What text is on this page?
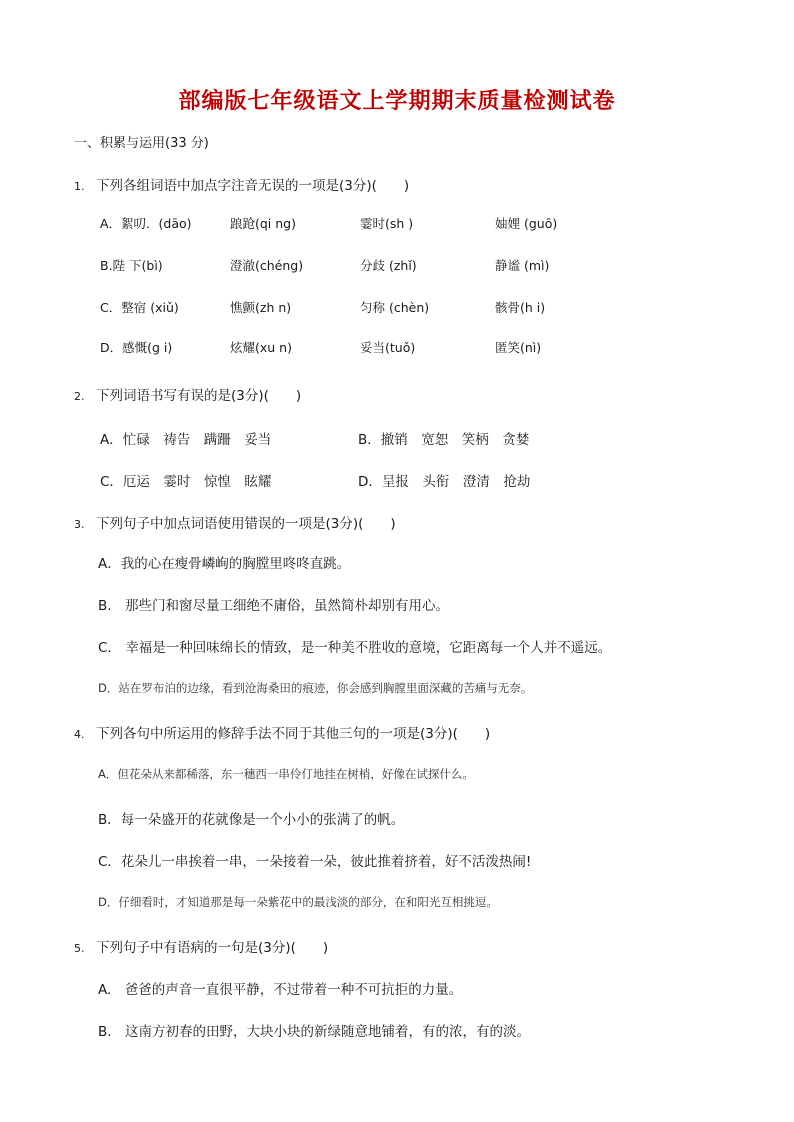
部编版七年级语文上学期期末质量检测试卷
一、积累与运用(33 分)
1. 下列各组词语中加点字注音无误的一项是(3分)(　　)
A．絮叨．(dāo)	踉跄(qi ng)	霎时(sh )	妯娌 (guō)
B.陛 下(bì)	澄澈(chéng)	分歧 (zhǐ)	静谧 (mì)
C．整宿 (xiǔ)	憔颤(zh n)	匀称 (chèn)	骸骨(h i)
D．感慨(g i)	炫耀(xu n)	妥当(tuǒ)	匿笑(nì)
2. 下列词语书写有误的是(3分)(　　)
A．忙碌　祷告　蹒跚　妥当	B．撤销　宽恕　笑柄　贪婪
C．厄运　霎时　惊惶　眩耀	D．呈报　头衔　澄清　抢劫
3. 下列句子中加点词语使用错误的一项是(3分)(　　)
A．我的心在瘦骨嶙峋的胸膛里咚咚直跳。
B.　那些门和窗尽量工细绝不庸俗，虽然简朴却别有用心。
C.　幸福是一种回味绵长的情致，是一种美不胜收的意境，它距离每一个人并不遥远。
D．站在罗布泊的边缘，看到沧海桑田的痕迹，你会感到胸膛里面深藏的苦痛与无奈。
4. 下列各句中所运用的修辞手法不同于其他三句的一项是(3分)(　　)
A．但花朵从来都稀落，东一穗西一串伶仃地挂在树梢，好像在试探什么。
B．每一朵盛开的花就像是一个小小的张满了的帆。
C．花朵儿一串挨着一串，一朵接着一朵，彼此推着挤着，好不活泼热闹!
D．仔细看时，才知道那是每一朵紫花中的最浅淡的部分，在和阳光互相挑逗。
5. 下列句子中有语病的一句是(3分)(　　)
A.　爸爸的声音一直很平静，不过带着一种不可抗拒的力量。
B.　这南方初春的田野，大块小块的新绿随意地铺着，有的浓，有的淡。
